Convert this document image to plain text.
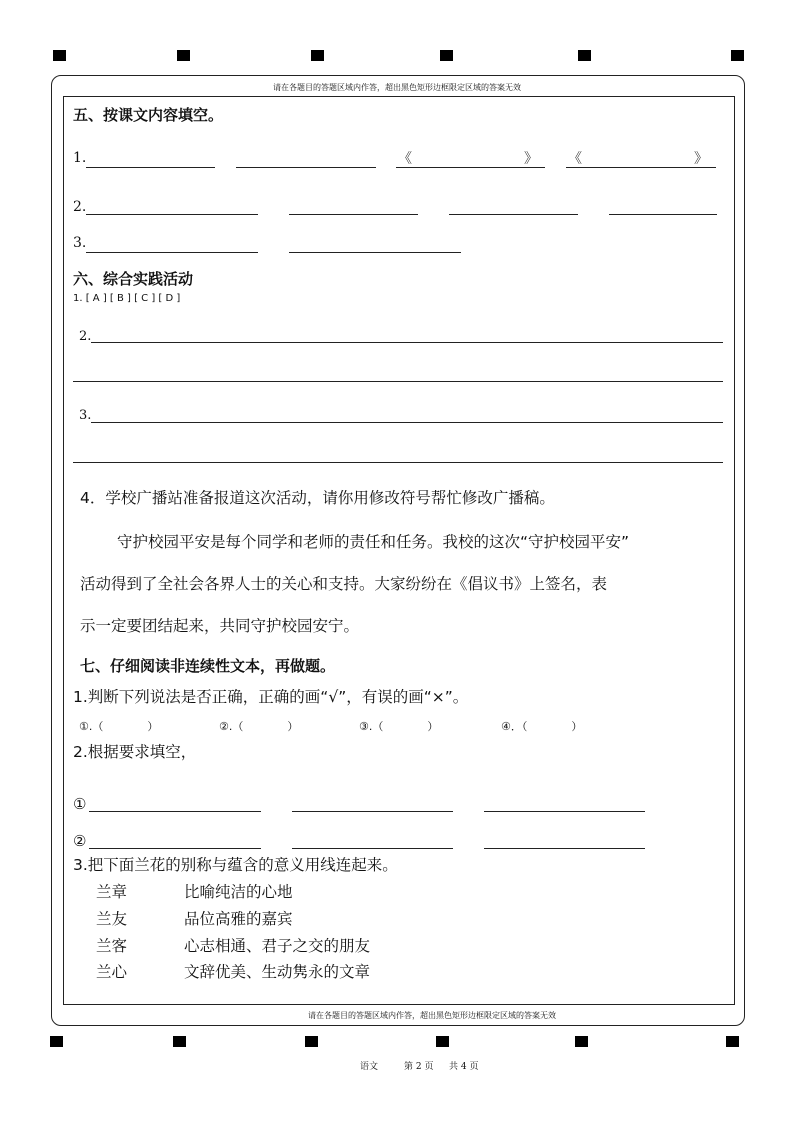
请在各题目的答题区域内作答，超出黑色矩形边框限定区域的答案无效
五、按课文内容填空。
1.	《	》 《	》
2.
3.
六、综合实践活动
1. [ A ] [ B ] [ C ] [ D ]
2.
3.
4．学校广播站准备报道这次活动，请你用修改符号帮忙修改广播稿。
守护校园平安是每个同学和老师的责任和任务。我校的这次“守护校园平安”
活动得到了全社会各界人士的关心和支持。大家纷纷在《倡议书》上签名，表
示一定要团结起来，共同守护校园安宁。
七、仔细阅读非连续性文本，再做题。
1.判断下列说法是否正确，正确的画“√”，有误的画“×”。
①.（　　　　）	②.（　　　　）	③.（　　　　）	④．（　　　　）
2.根据要求填空，
①
②
3.把下面兰花的别称与蕴含的意义用线连起来。
兰章	比喻纯洁的心地
兰友	品位高雅的嘉宾
兰客	心志相通、君子之交的朋友
兰心	文辞优美、生动隽永的文章
请在各题目的答题区域内作答，超出黑色矩形边框限定区域的答案无效
语文	第 2 页 共 4 页
